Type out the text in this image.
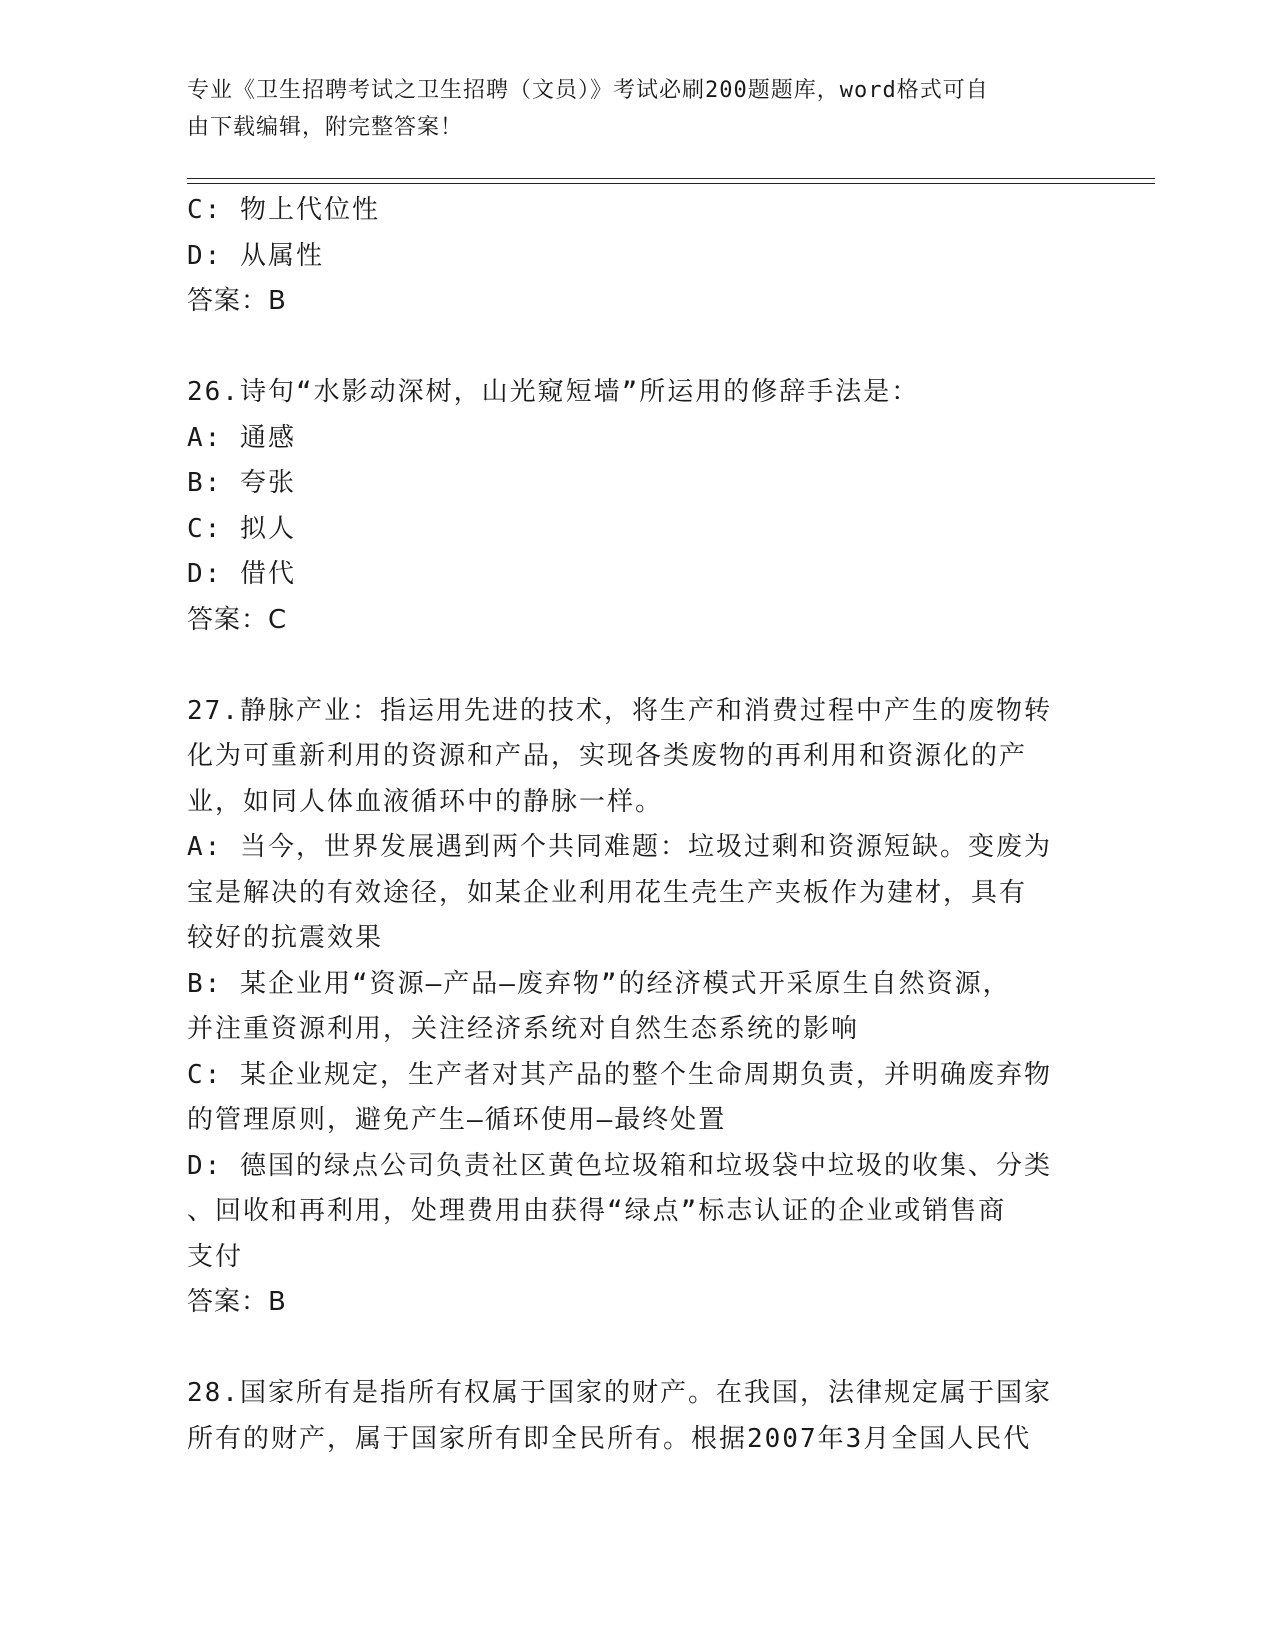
专业《卫生招聘考试之卫生招聘（文员）》考试必刷200题题库，word格式可自
由下载编辑，附完整答案！
C: 物上代位性
D: 从属性
答案：B
26.诗句“水影动深树，山光窥短墙”所运用的修辞手法是：
A: 通感
B: 夸张
C: 拟人
D: 借代
答案：C
27.静脉产业：指运用先进的技术，将生产和消费过程中产生的废物转
化为可重新利用的资源和产品，实现各类废物的再利用和资源化的产
业，如同人体血液循环中的静脉一样。
A: 当今，世界发展遇到两个共同难题：垃圾过剩和资源短缺。变废为
宝是解决的有效途径，如某企业利用花生壳生产夹板作为建材，具有
较好的抗震效果
B: 某企业用“资源—产品—废弃物”的经济模式开采原生自然资源，
并注重资源利用，关注经济系统对自然生态系统的影响
C: 某企业规定，生产者对其产品的整个生命周期负责，并明确废弃物
的管理原则，避免产生—循环使用—最终处置
D: 德国的绿点公司负责社区黄色垃圾箱和垃圾袋中垃圾的收集、分类
、回收和再利用，处理费用由获得“绿点”标志认证的企业或销售商
支付
答案：B
28.国家所有是指所有权属于国家的财产。在我国，法律规定属于国家
所有的财产，属于国家所有即全民所有。根据2007年3月全国人民代
